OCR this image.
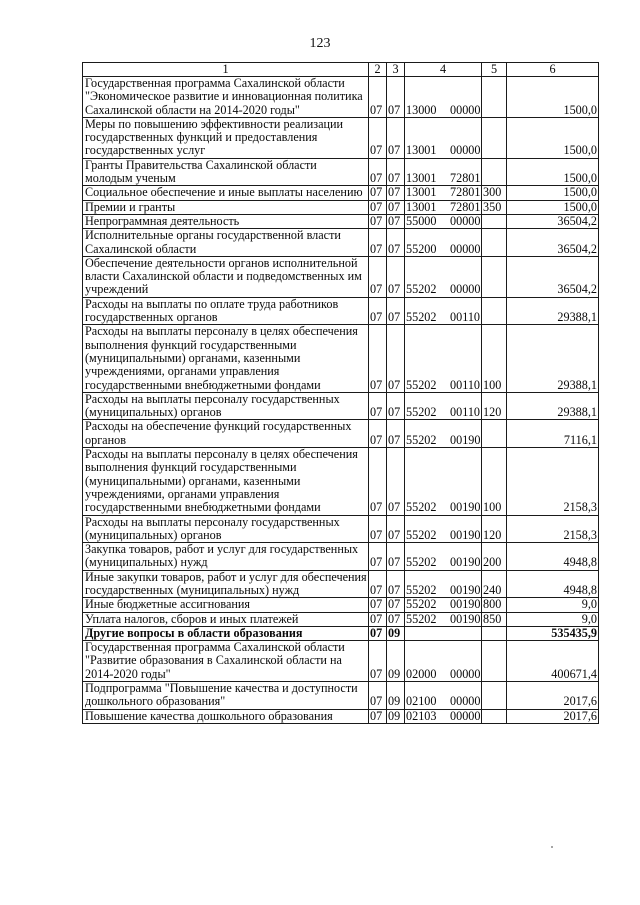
123
1	2	3	4	5	6
Государственная программа Сахалинской области "Экономическое развитие и инновационная политика Сахалинской области на 2014-2020 годы"	07	07	13000 00000		1500,0
Меры по повышению эффективности реализации государственных функций и предоставления государственных услуг	07	07	13001 00000		1500,0
Гранты Правительства Сахалинской области молодым ученым	07	07	13001 72801		1500,0
Социальное обеспечение и иные выплаты населению	07	07	13001 72801	300	1500,0
Премии и гранты	07	07	13001 72801	350	1500,0
Непрограммная деятельность	07	07	55000 00000		36504,2
Исполнительные органы государственной власти Сахалинской области	07	07	55200 00000		36504,2
Обеспечение деятельности органов исполнительной власти Сахалинской области и подведомственных им учреждений	07	07	55202 00000		36504,2
Расходы на выплаты по оплате труда работников государственных органов	07	07	55202 00110		29388,1
Расходы на выплаты персоналу в целях обеспечения выполнения функций государственными (муниципальными) органами, казенными учреждениями, органами управления государственными внебюджетными фондами	07	07	55202 00110	100	29388,1
Расходы на выплаты персоналу государственных (муниципальных) органов	07	07	55202 00110	120	29388,1
Расходы на обеспечение функций государственных органов	07	07	55202 00190		7116,1
Расходы на выплаты персоналу в целях обеспечения выполнения функций государственными (муниципальными) органами, казенными учреждениями, органами управления государственными внебюджетными фондами	07	07	55202 00190	100	2158,3
Расходы на выплаты персоналу государственных (муниципальных) органов	07	07	55202 00190	120	2158,3
Закупка товаров, работ и услуг для государственных (муниципальных) нужд	07	07	55202 00190	200	4948,8
Иные закупки товаров, работ и услуг для обеспечения государственных (муниципальных) нужд	07	07	55202 00190	240	4948,8
Иные бюджетные ассигнования	07	07	55202 00190	800	9,0
Уплата налогов, сборов и иных платежей	07	07	55202 00190	850	9,0
Другие вопросы в области образования	07	09			535435,9
Государственная программа Сахалинской области "Развитие образования в Сахалинской области на 2014-2020 годы"	07	09	02000 00000		400671,4
Подпрограмма "Повышение качества и доступности дошкольного образования"	07	09	02100 00000		2017,6
Повышение качества дошкольного образования	07	09	02103 00000		2017,6
